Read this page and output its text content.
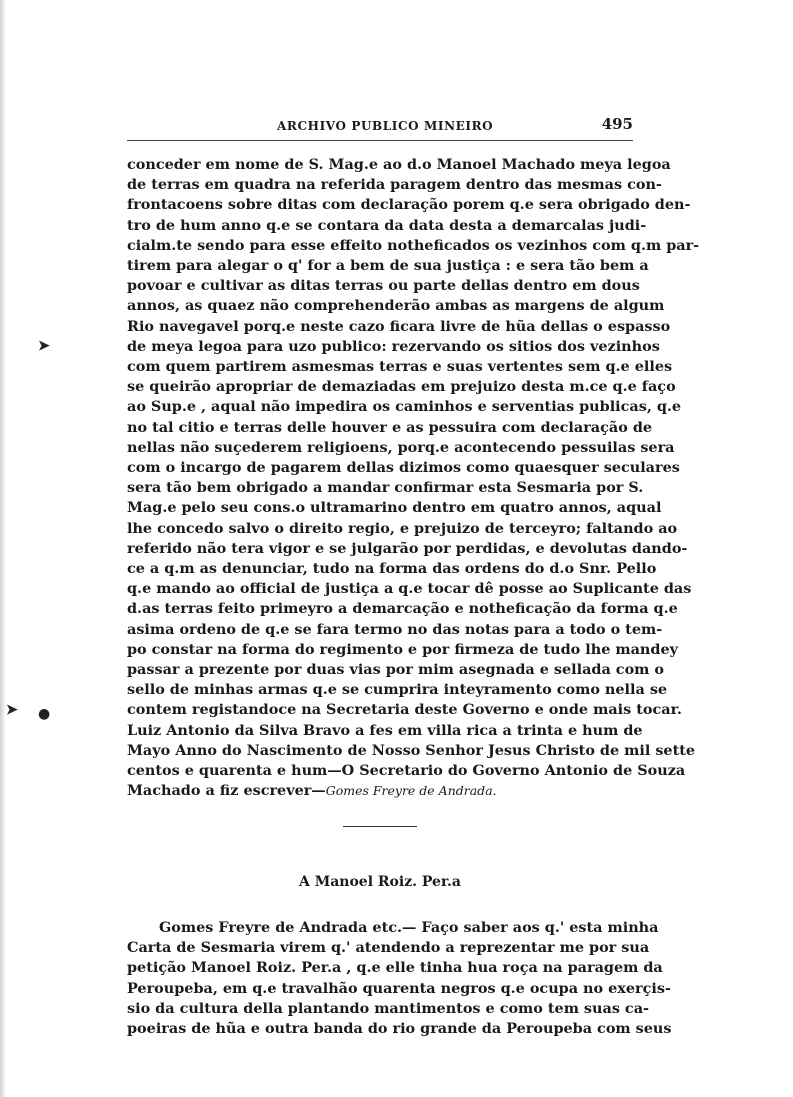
➤
➤ ●
ARCHIVO PUBLICO MINEIRO	495
conceder em nome de S. Mag.e ao d.o Manoel Machado meya legoa
de terras em quadra na referida paragem dentro das mesmas con-
frontacoens sobre ditas com declaração porem q.e sera obrigado den-
tro de hum anno q.e se contara da data desta a demarcalas judi-
cialm.te sendo para esse effeito notheficados os vezinhos com q.m par-
tirem para alegar o q' for a bem de sua justiça : e sera tão bem a
povoar e cultivar as ditas terras ou parte dellas dentro em dous
annos, as quaez não comprehenderão ambas as margens de algum
Rio navegavel porq.e neste cazo ficara livre de hũa dellas o espasso
de meya legoa para uzo publico: rezervando os sitios dos vezinhos
com quem partirem asmesmas terras e suas vertentes sem q.e elles
se queirão apropriar de demaziadas em prejuizo desta m.ce q.e faço
ao Sup.e , aqual não impedira os caminhos e serventias publicas, q.e
no tal citio e terras delle houver e as pessuira com declaração de
nellas não suçederem religioens, porq.e acontecendo pessuilas sera
com o incargo de pagarem dellas dizimos como quaesquer seculares
sera tão bem obrigado a mandar confirmar esta Sesmaria por S.
Mag.e pelo seu cons.o ultramarino dentro em quatro annos, aqual
lhe concedo salvo o direito regio, e prejuizo de terceyro; faltando ao
referido não tera vigor e se julgarão por perdidas, e devolutas dando-
ce a q.m as denunciar, tudo na forma das ordens do d.o Snr. Pello
q.e mando ao official de justiça a q.e tocar dê posse ao Suplicante das
d.as terras feito primeyro a demarcação e notheficação da forma q.e
asima ordeno de q.e se fara termo no das notas para a todo o tem-
po constar na forma do regimento e por firmeza de tudo lhe mandey
passar a prezente por duas vias por mim asegnada e sellada com o
sello de minhas armas q.e se cumprira inteyramento como nella se
contem registandoce na Secretaria deste Governo e onde mais tocar.
Luiz Antonio da Silva Bravo a fes em villa rica a trinta e hum de
Mayo Anno do Nascimento de Nosso Senhor Jesus Christo de mil sette
centos e quarenta e hum—O Secretario do Governo Antonio de Souza
Machado a fiz escrever—Gomes Freyre de Andrada.
A Manoel Roiz. Per.a
Gomes Freyre de Andrada etc.— Faço saber aos q.' esta minha
Carta de Sesmaria virem q.' atendendo a reprezentar me por sua
petição Manoel Roiz. Per.a , q.e elle tinha hua roça na paragem da
Peroupeba, em q.e travalhão quarenta negros q.e ocupa no exerçis-
sio da cultura della plantando mantimentos e como tem suas ca-
poeiras de hũa e outra banda do rio grande da Peroupeba com seus
